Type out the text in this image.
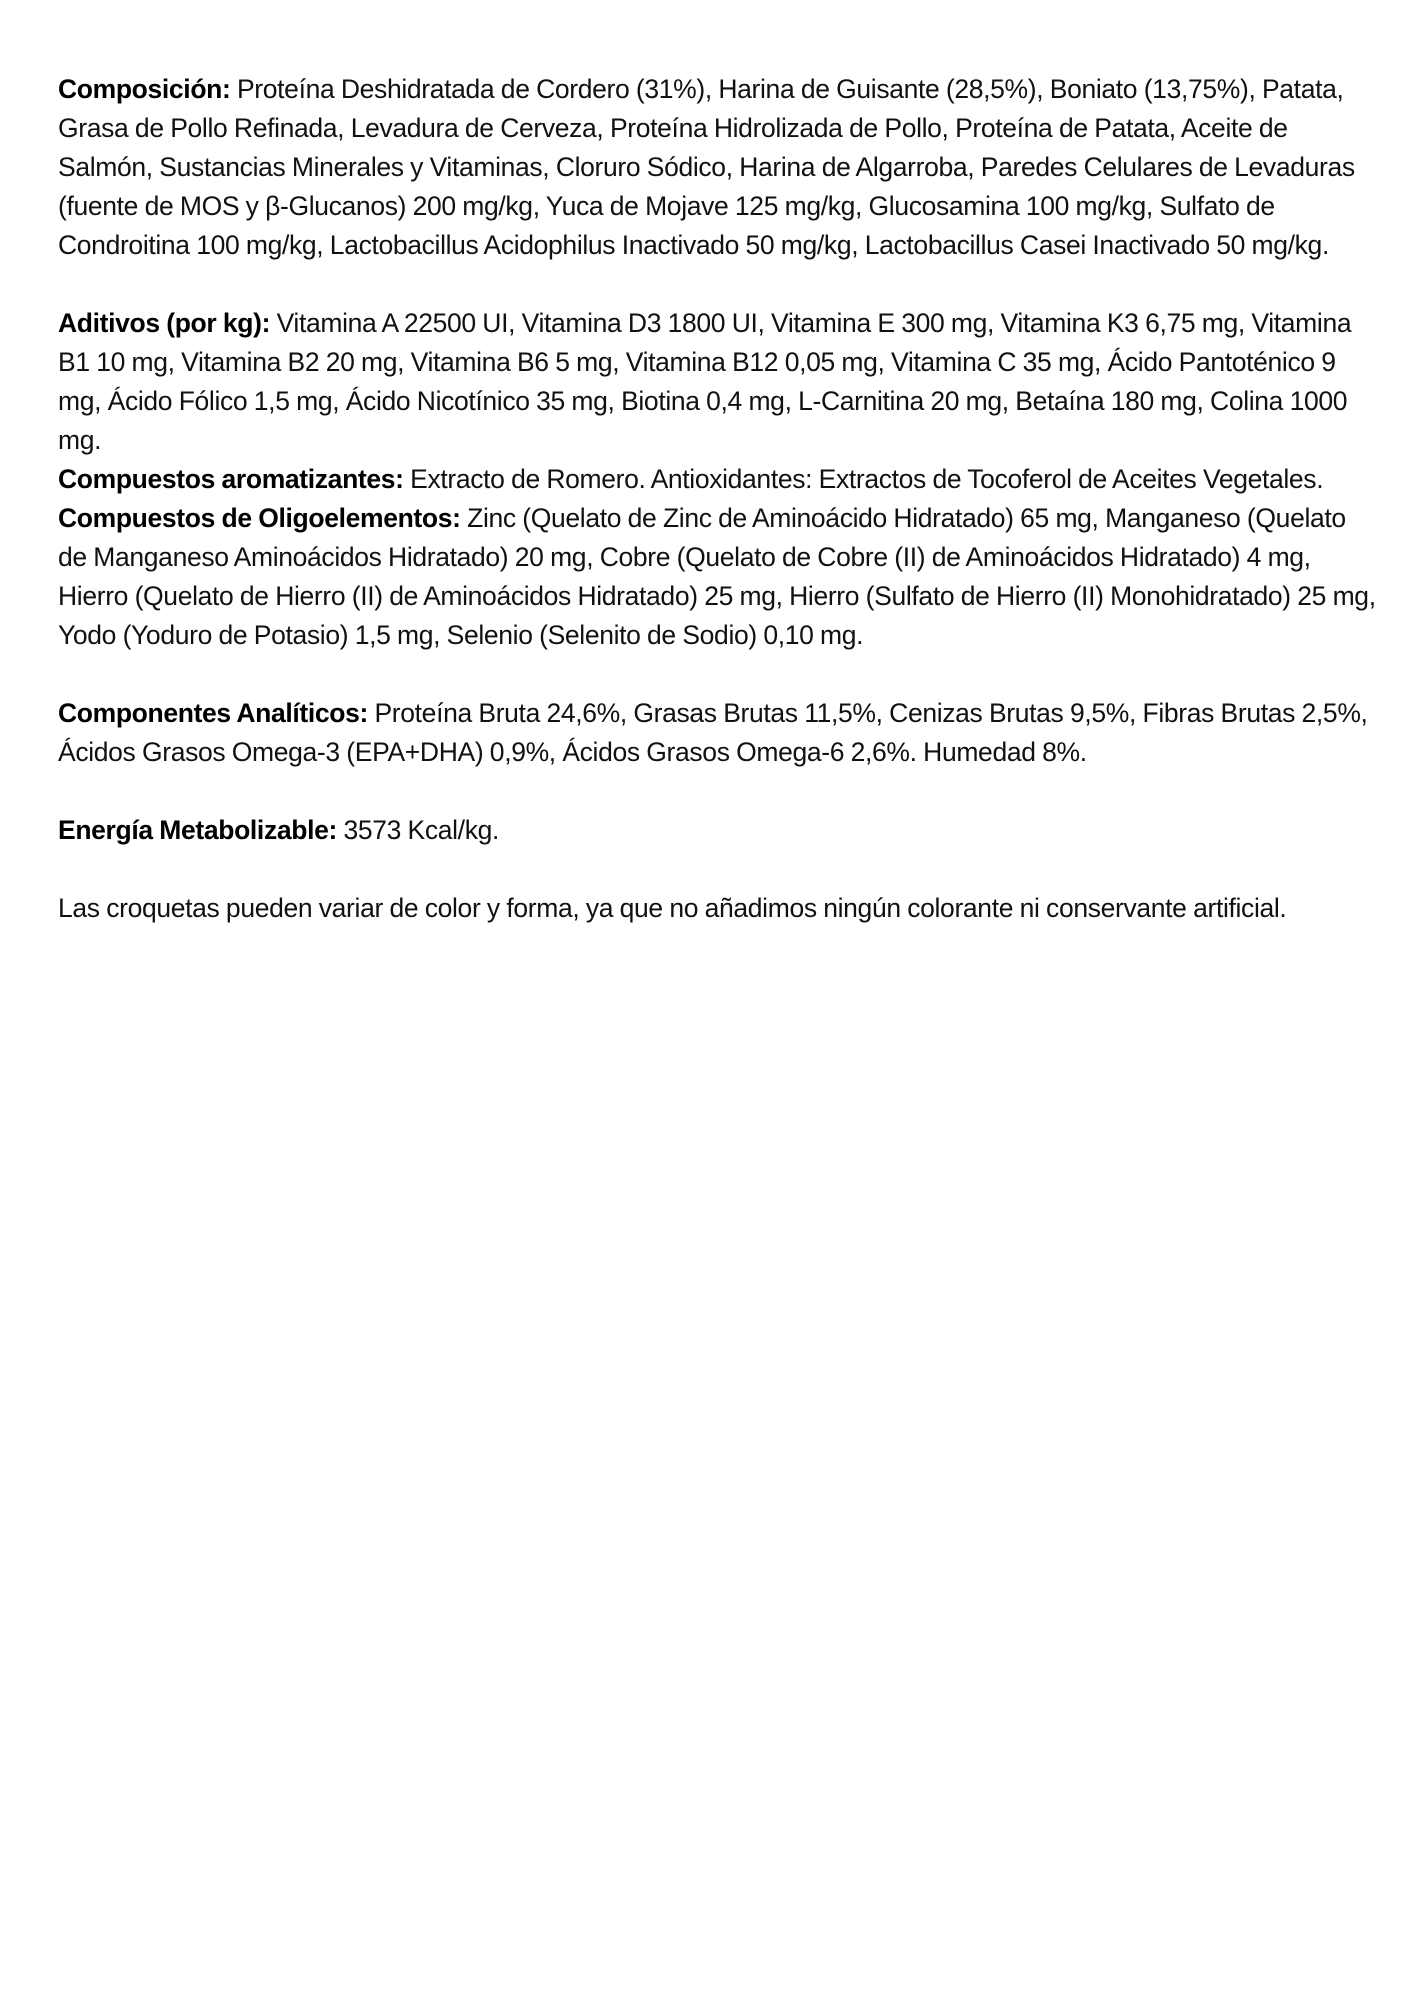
Composición: Proteína Deshidratada de Cordero (31%), Harina de Guisante (28,5%), Boniato (13,75%), Patata, Grasa de Pollo Refinada, Levadura de Cerveza, Proteína Hidrolizada de Pollo, Proteína de Patata, Aceite de Salmón, Sustancias Minerales y Vitaminas, Cloruro Sódico, Harina de Algarroba, Paredes Celulares de Levaduras (fuente de MOS y β-Glucanos) 200 mg/kg, Yuca de Mojave 125 mg/kg, Glucosamina 100 mg/kg, Sulfato de Condroitina 100 mg/kg, Lactobacillus Acidophilus Inactivado 50 mg/kg, Lactobacillus Casei Inactivado 50 mg/kg.

Aditivos (por kg): Vitamina A 22500 UI, Vitamina D3 1800 UI, Vitamina E 300 mg, Vitamina K3 6,75 mg, Vitamina B1 10 mg, Vitamina B2 20 mg, Vitamina B6 5 mg, Vitamina B12 0,05 mg, Vitamina C 35 mg, Ácido Pantoténico 9 mg, Ácido Fólico 1,5 mg, Ácido Nicotínico 35 mg, Biotina 0,4 mg, L-Carnitina 20 mg, Betaína 180 mg, Colina 1000 mg.

Compuestos aromatizantes: Extracto de Romero. Antioxidantes: Extractos de Tocoferol de Aceites Vegetales.

Compuestos de Oligoelementos: Zinc (Quelato de Zinc de Aminoácido Hidratado) 65 mg, Manganeso (Quelato de Manganeso Aminoácidos Hidratado) 20 mg, Cobre (Quelato de Cobre (II) de Aminoácidos Hidratado) 4 mg, Hierro (Quelato de Hierro (II) de Aminoácidos Hidratado) 25 mg, Hierro (Sulfato de Hierro (II) Monohidratado) 25 mg, Yodo (Yoduro de Potasio) 1,5 mg, Selenio (Selenito de Sodio) 0,10 mg.

Componentes Analíticos: Proteína Bruta 24,6%, Grasas Brutas 11,5%, Cenizas Brutas 9,5%, Fibras Brutas 2,5%, Ácidos Grasos Omega-3 (EPA+DHA) 0,9%, Ácidos Grasos Omega-6 2,6%. Humedad 8%.

Energía Metabolizable: 3573 Kcal/kg.

Las croquetas pueden variar de color y forma, ya que no añadimos ningún colorante ni conservante artificial.
